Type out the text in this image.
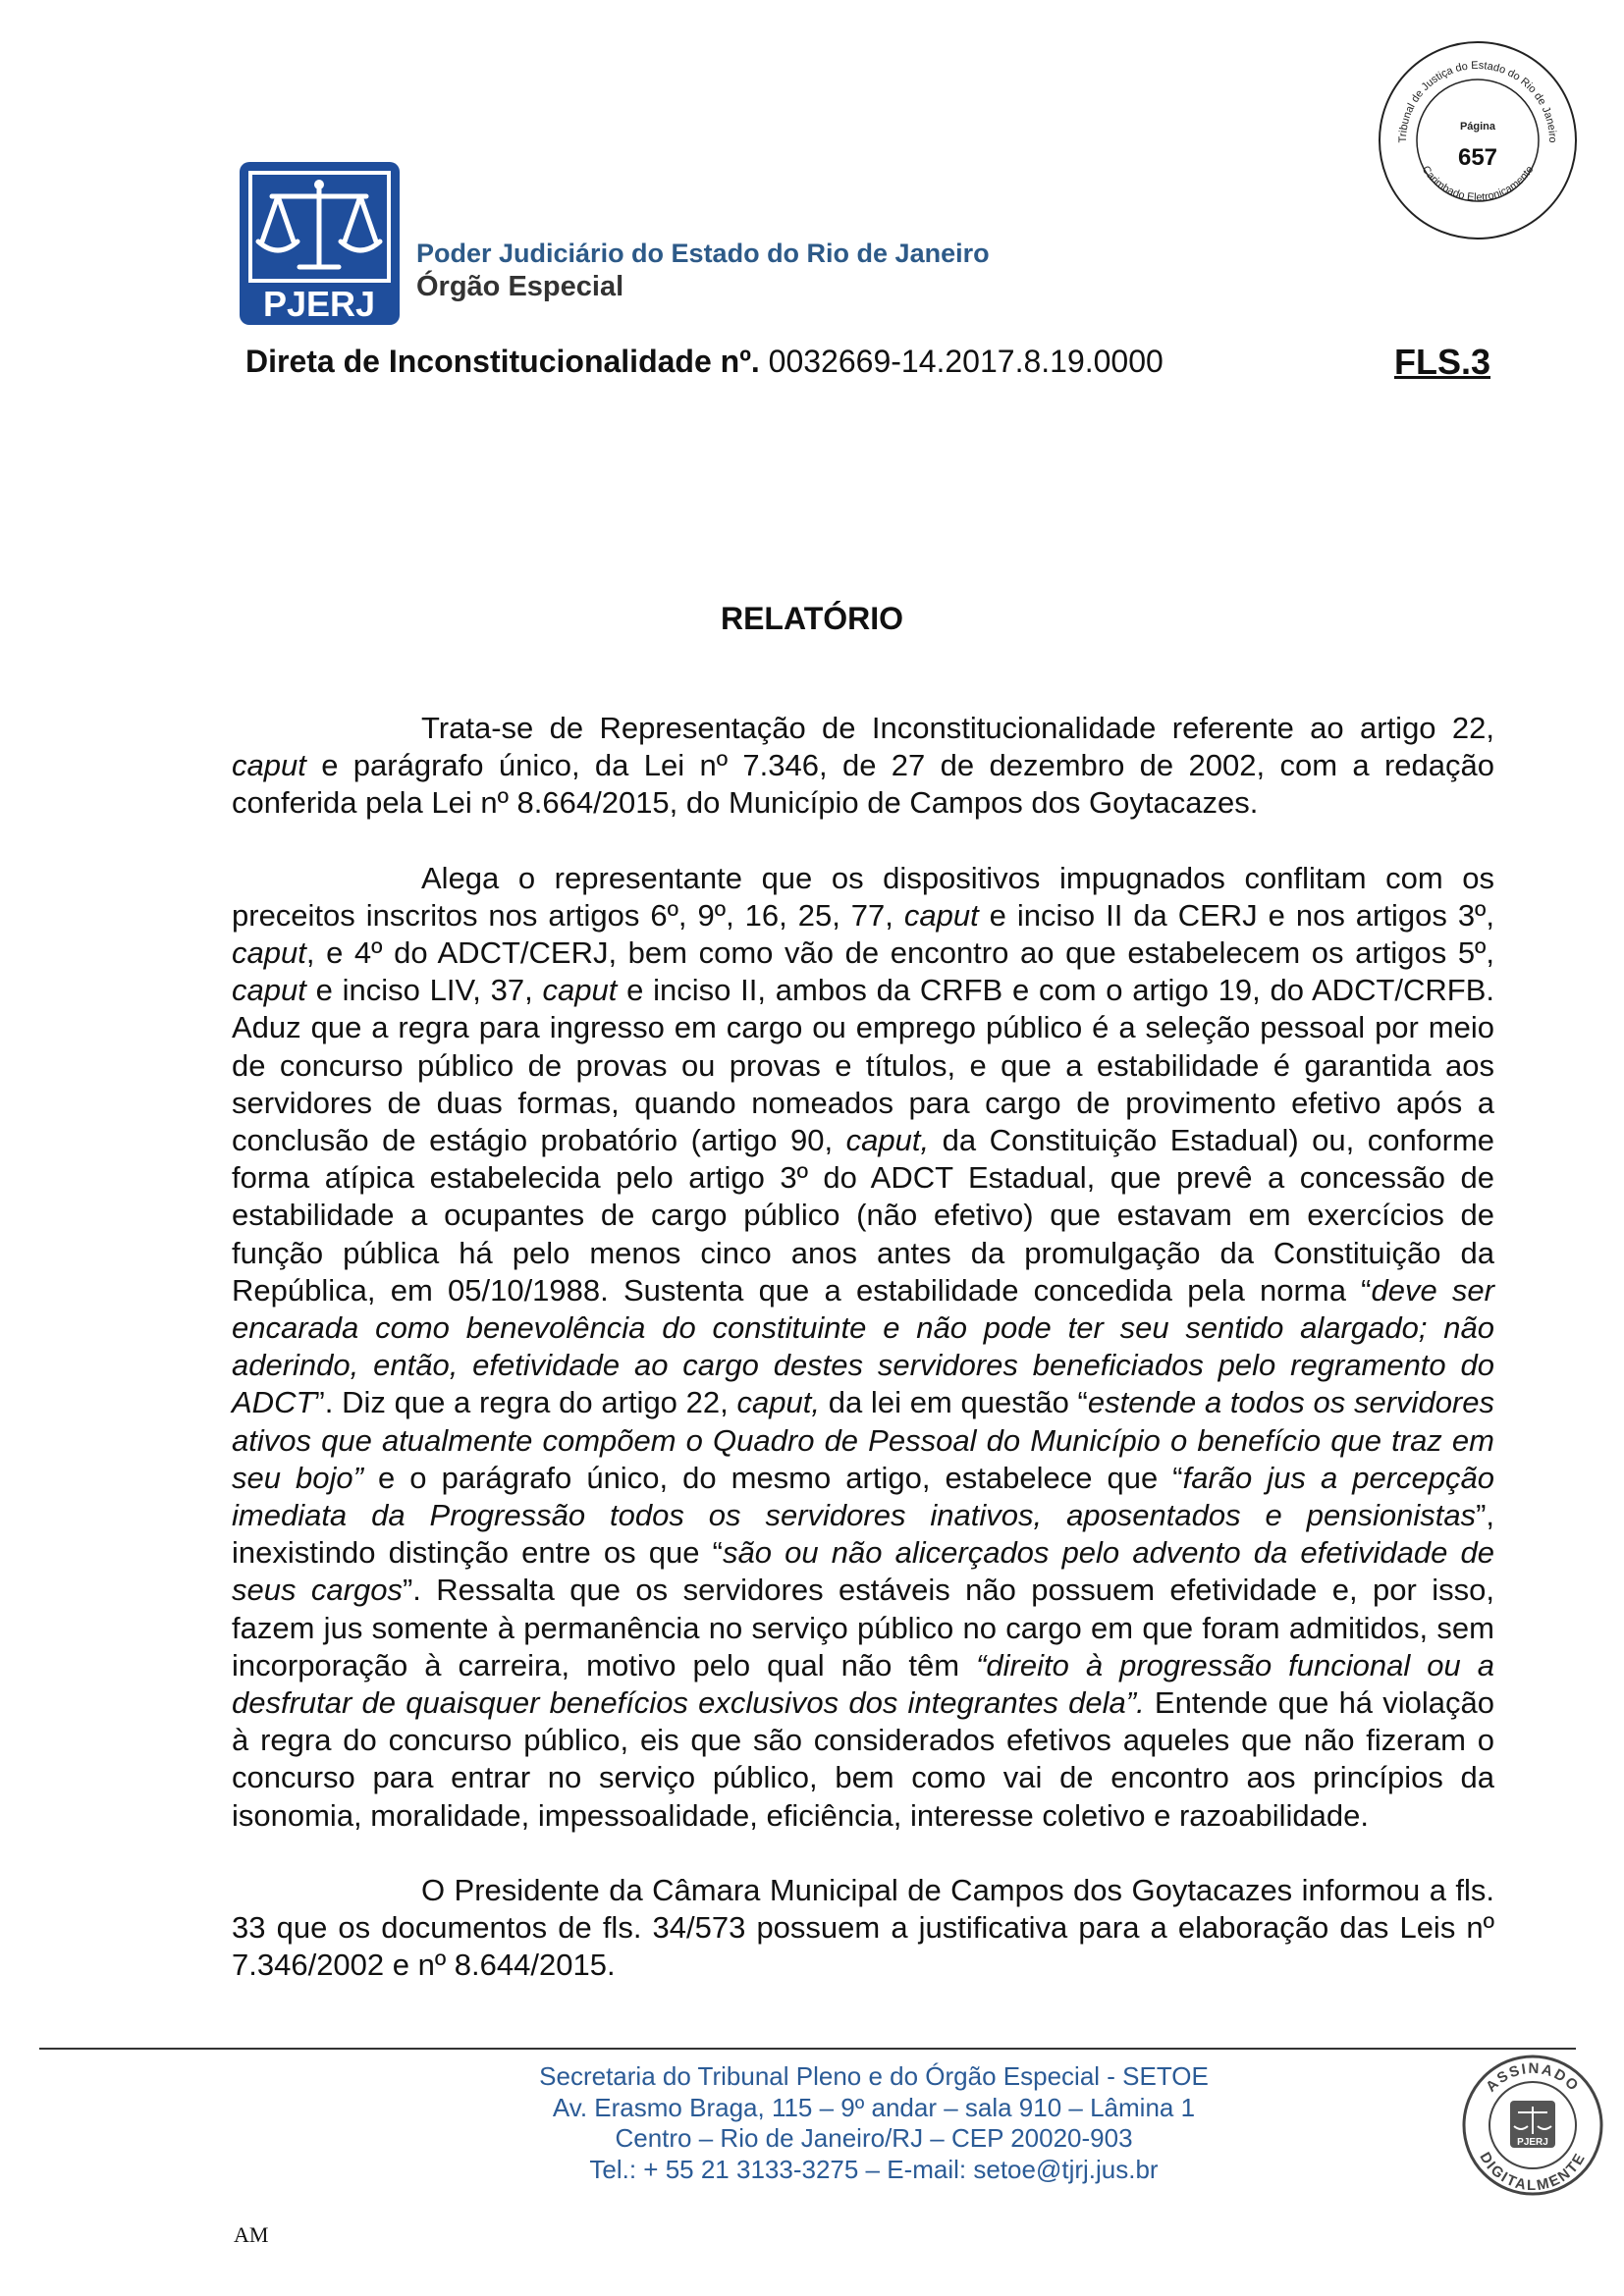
PJERJ
Poder Judiciário do Estado do Rio de Janeiro
Órgão Especial
Direta de Inconstitucionalidade nº. 0032669-14.2017.8.19.0000	FLS.3
Tribunal de Justiça do Estado do Rio de Janeiro
Carimbado Eletronicamente
Página
657
RELATÓRIO

Trata-se de Representação de Inconstitucionalidade referente ao artigo 22, caput e parágrafo único, da Lei nº 7.346, de 27 de dezembro de 2002, com a redação conferida pela Lei nº 8.664/2015, do Município de Campos dos Goytacazes.

Alega o representante que os dispositivos impugnados conflitam com os preceitos inscritos nos artigos 6º, 9º, 16, 25, 77, caput e inciso II da CERJ e nos artigos 3º, caput, e 4º do ADCT/CERJ, bem como vão de encontro ao que estabelecem os artigos 5º, caput e inciso LIV, 37, caput e inciso II, ambos da CRFB e com o artigo 19, do ADCT/CRFB. Aduz que a regra para ingresso em cargo ou emprego público é a seleção pessoal por meio de concurso público de provas ou provas e títulos, e que a estabilidade é garantida aos servidores de duas formas, quando nomeados para cargo de provimento efetivo após a conclusão de estágio probatório (artigo 90, caput, da Constituição Estadual) ou, conforme forma atípica estabelecida pelo artigo 3º do ADCT Estadual, que prevê a concessão de estabilidade a ocupantes de cargo público (não efetivo) que estavam em exercícios de função pública há pelo menos cinco anos antes da promulgação da Constituição da República, em 05/10/1988. Sustenta que a estabilidade concedida pela norma “deve ser encarada como benevolência do constituinte e não pode ter seu sentido alargado; não aderindo, então, efetividade ao cargo destes servidores beneficiados pelo regramento do ADCT”. Diz que a regra do artigo 22, caput, da lei em questão “estende a todos os servidores ativos que atualmente compõem o Quadro de Pessoal do Município o benefício que traz em seu bojo” e o parágrafo único, do mesmo artigo, estabelece que “farão jus a percepção imediata da Progressão todos os servidores inativos, aposentados e pensionistas”, inexistindo distinção entre os que “são ou não alicerçados pelo advento da efetividade de seus cargos”. Ressalta que os servidores estáveis não possuem efetividade e, por isso, fazem jus somente à permanência no serviço público no cargo em que foram admitidos, sem incorporação à carreira, motivo pelo qual não têm “direito à progressão funcional ou a desfrutar de quaisquer benefícios exclusivos dos integrantes dela”. Entende que há violação à regra do concurso público, eis que são considerados efetivos aqueles que não fizeram o concurso para entrar no serviço público, bem como vai de encontro aos princípios da isonomia, moralidade, impessoalidade, eficiência, interesse coletivo e razoabilidade.

O Presidente da Câmara Municipal de Campos dos Goytacazes informou a fls. 33 que os documentos de fls. 34/573 possuem a justificativa para a elaboração das Leis nº 7.346/2002 e nº 8.644/2015.

Secretaria do Tribunal Pleno e do Órgão Especial - SETOE
Av. Erasmo Braga, 115 – 9º andar – sala 910 – Lâmina 1
Centro – Rio de Janeiro/RJ – CEP 20020-903
Tel.: + 55 21 3133-3275 – E-mail: setoe@tjrj.jus.br
ASSINADO
DIGITALMENTE
PJERJ
AM
